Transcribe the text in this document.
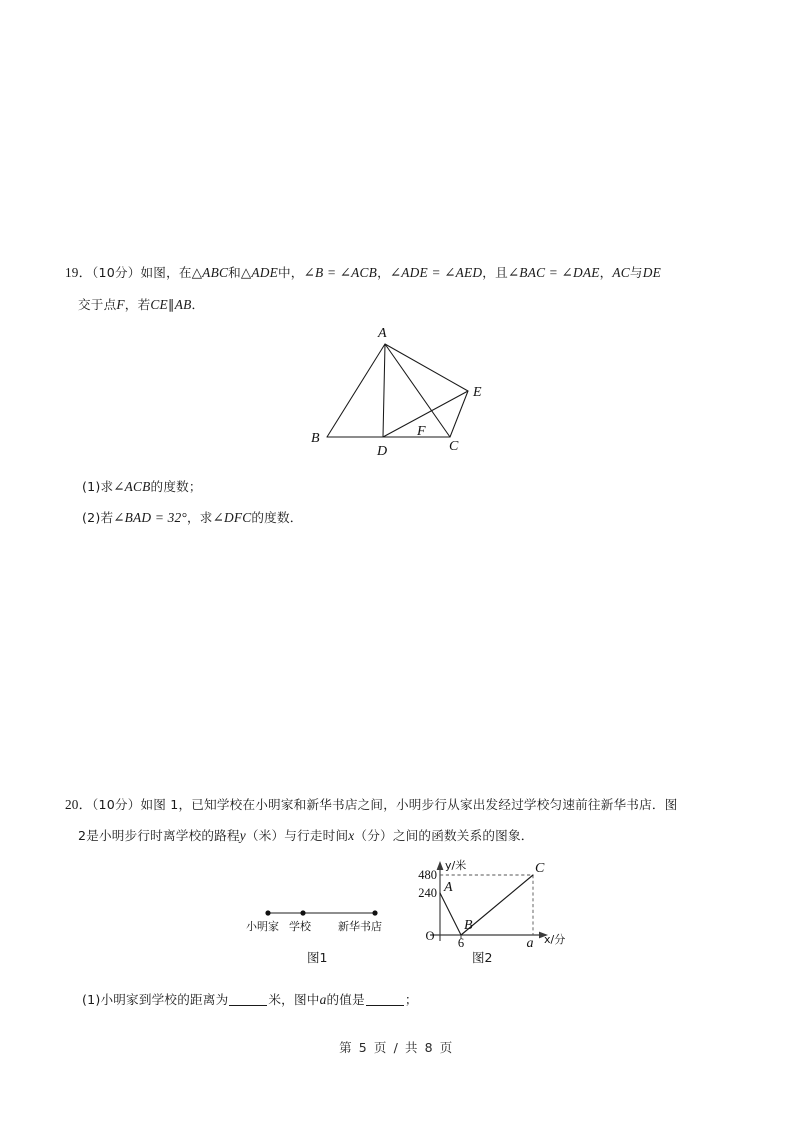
19．（10分）如图，在△ABC和△ADE中，∠B = ∠ACB，∠ADE = ∠AED，且∠BAC = ∠DAE，AC与DE
交于点F，若CE∥AB．
A
B
D	C
E
F
(1)求∠ACB的度数；
(2)若∠BAD = 32°，求∠DFC的度数．
20．（10分）如图 1，已知学校在小明家和新华书店之间，小明步行从家出发经过学校匀速前往新华书店．图
2是小明步行时离学校的路程y（米）与行走时间x（分）之间的函数关系的图象．
小明家 学校 新华书店
图1
y/米
x/分
O
480
240
6	a
A
B
C
图2
(1)小明家到学校的距离为	米，图中a的值是	；
第 5 页 / 共 8 页
